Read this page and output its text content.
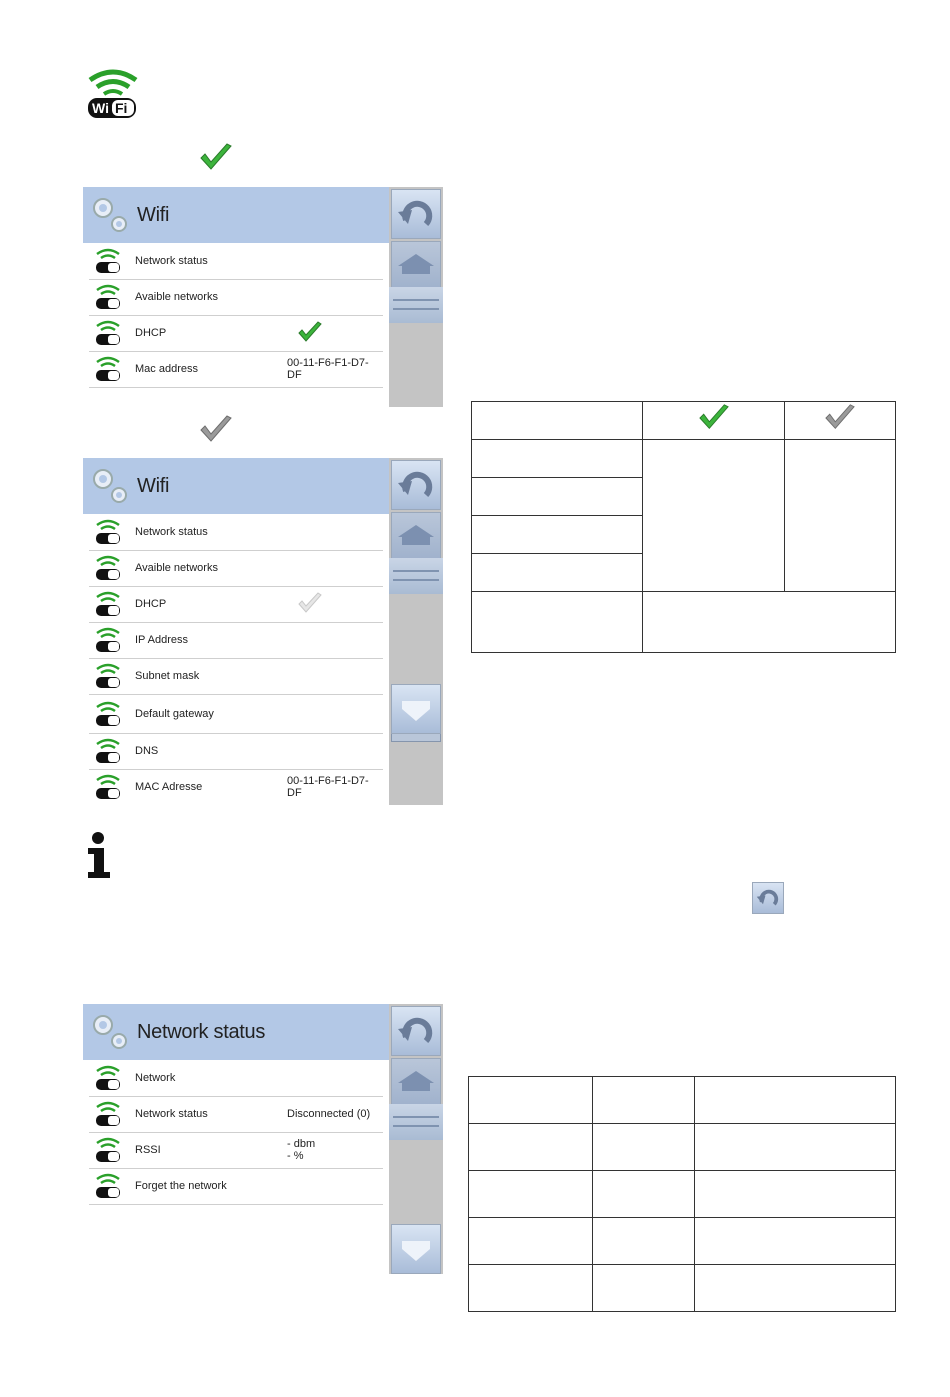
Wi Fi
Wifi
Network status
Avaible networks
DHCP
Mac address	00-11-F6-F1-D7-DF
Wifi
Network status
Avaible networks
DHCP
IP Address
Subnet mask
Default gateway
DNS
MAC Adresse	00-11-F6-F1-D7-DF
Network status
Network
Network status	Disconnected (0)
RSSI	- dbm
- %
Forget the network
